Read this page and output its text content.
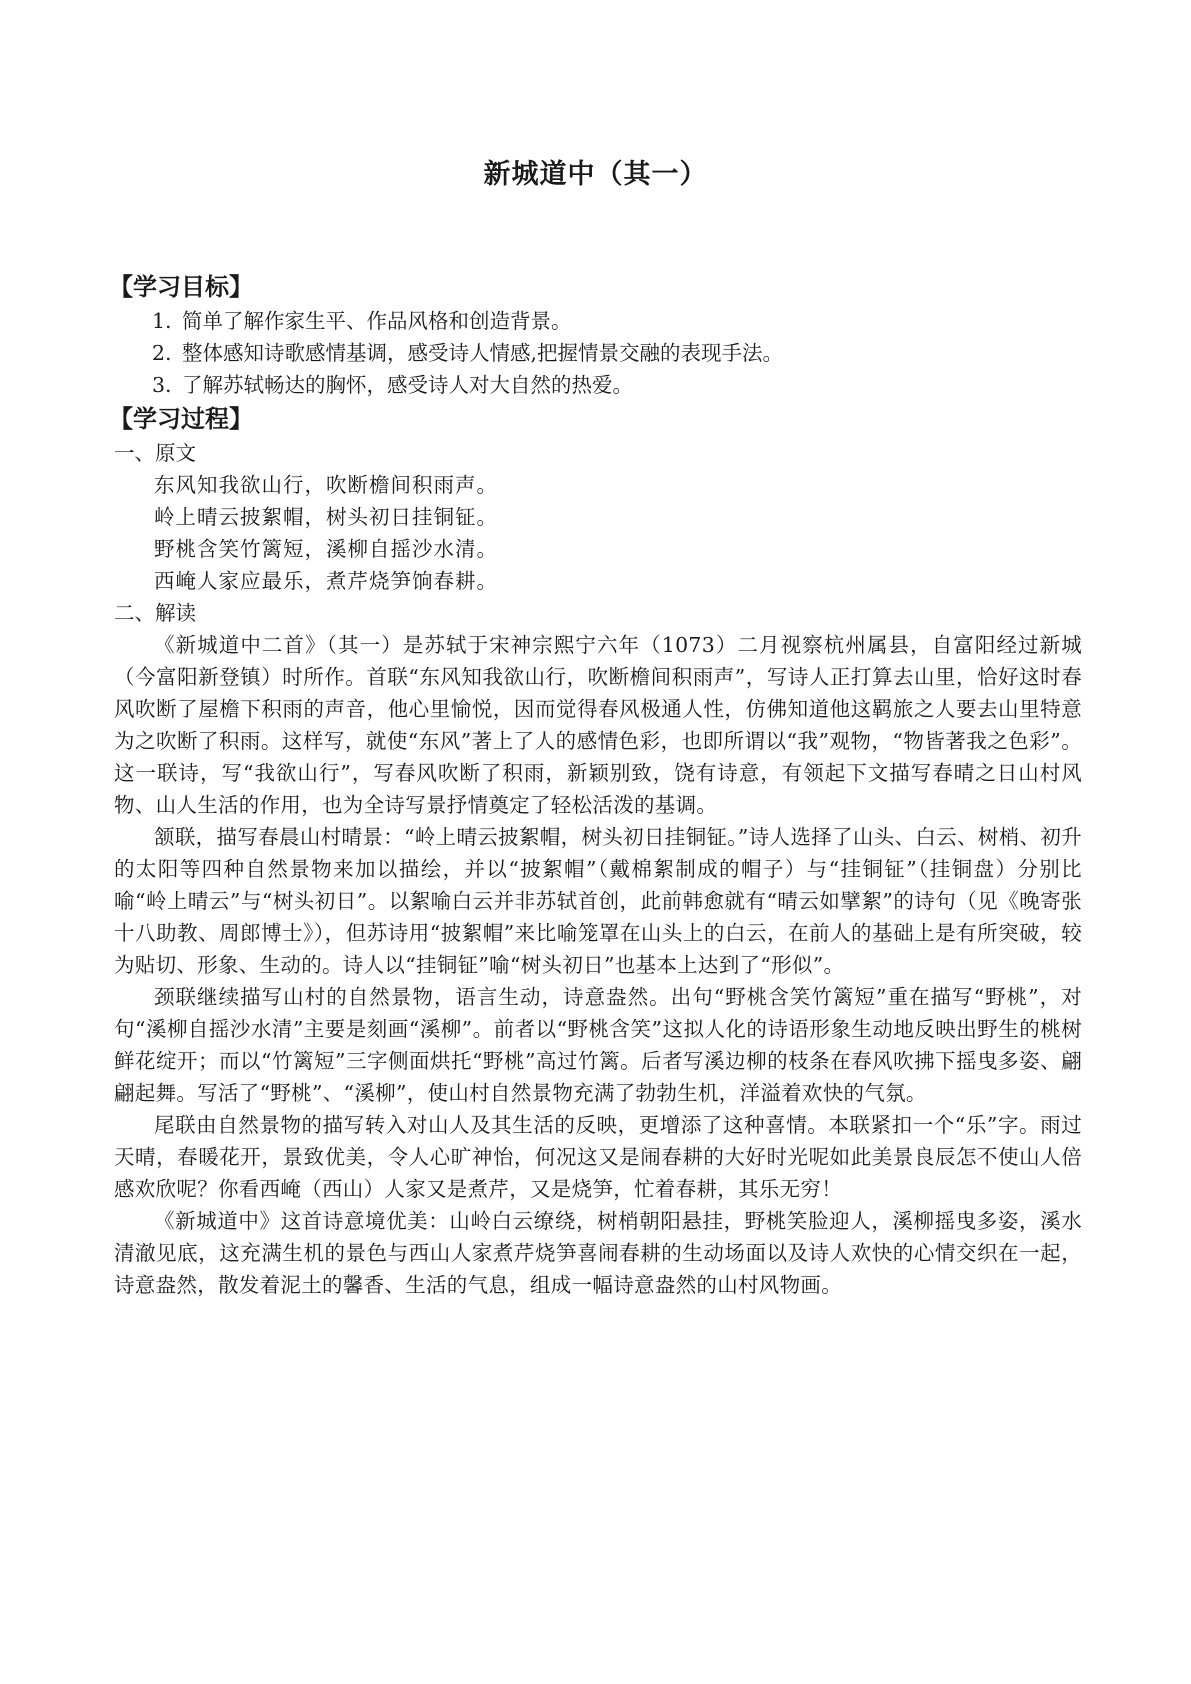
新城道中（其一）
【学习目标】
1. 简单了解作家生平、作品风格和创造背景。
2. 整体感知诗歌感情基调，感受诗人情感,把握情景交融的表现手法。
3. 了解苏轼畅达的胸怀，感受诗人对大自然的热爱。
【学习过程】
一、原文
东风知我欲山行，吹断檐间积雨声。
岭上晴云披絮帽，树头初日挂铜钲。
野桃含笑竹篱短，溪柳自摇沙水清。
西崦人家应最乐，煮芹烧笋饷春耕。
二、解读
《新城道中二首》（其一）是苏轼于宋神宗熙宁六年（1073）二月视察杭州属县，自富阳经过新城（今富阳新登镇）时所作。首联“东风知我欲山行，吹断檐间积雨声”，写诗人正打算去山里，恰好这时春风吹断了屋檐下积雨的声音，他心里愉悦，因而觉得春风极通人性，仿佛知道他这羁旅之人要去山里特意为之吹断了积雨。这样写，就使“东风”著上了人的感情色彩，也即所谓以“我”观物，“物皆著我之色彩”。这一联诗，写“我欲山行”，写春风吹断了积雨，新颖别致，饶有诗意，有领起下文描写春晴之日山村风物、山人生活的作用，也为全诗写景抒情奠定了轻松活泼的基调。
颔联，描写春晨山村晴景：“岭上晴云披絮帽，树头初日挂铜钲。”诗人选择了山头、白云、树梢、初升的太阳等四种自然景物来加以描绘，并以“披絮帽”（戴棉絮制成的帽子）与“挂铜钲”（挂铜盘）分别比喻“岭上晴云”与“树头初日”。以絮喻白云并非苏轼首创，此前韩愈就有“晴云如擘絮”的诗句（见《晚寄张十八助教、周郎博士》），但苏诗用“披絮帽”来比喻笼罩在山头上的白云，在前人的基础上是有所突破，较为贴切、形象、生动的。诗人以“挂铜钲”喻“树头初日”也基本上达到了“形似”。
颈联继续描写山村的自然景物，语言生动，诗意盎然。出句“野桃含笑竹篱短”重在描写“野桃”，对句“溪柳自摇沙水清”主要是刻画“溪柳”。前者以“野桃含笑”这拟人化的诗语形象生动地反映出野生的桃树鲜花绽开；而以“竹篱短”三字侧面烘托“野桃”高过竹篱。后者写溪边柳的枝条在春风吹拂下摇曳多姿、翩翩起舞。写活了“野桃”、“溪柳”，使山村自然景物充满了勃勃生机，洋溢着欢快的气氛。
尾联由自然景物的描写转入对山人及其生活的反映，更增添了这种喜情。本联紧扣一个“乐”字。雨过天晴，春暖花开，景致优美，令人心旷神怡，何况这又是闹春耕的大好时光呢如此美景良辰怎不使山人倍感欢欣呢？你看西崦（西山）人家又是煮芹，又是烧笋，忙着春耕，其乐无穷！
《新城道中》这首诗意境优美：山岭白云缭绕，树梢朝阳悬挂，野桃笑脸迎人，溪柳摇曳多姿，溪水清澈见底，这充满生机的景色与西山人家煮芹烧笋喜闹春耕的生动场面以及诗人欢快的心情交织在一起，诗意盎然，散发着泥土的馨香、生活的气息，组成一幅诗意盎然的山村风物画。
